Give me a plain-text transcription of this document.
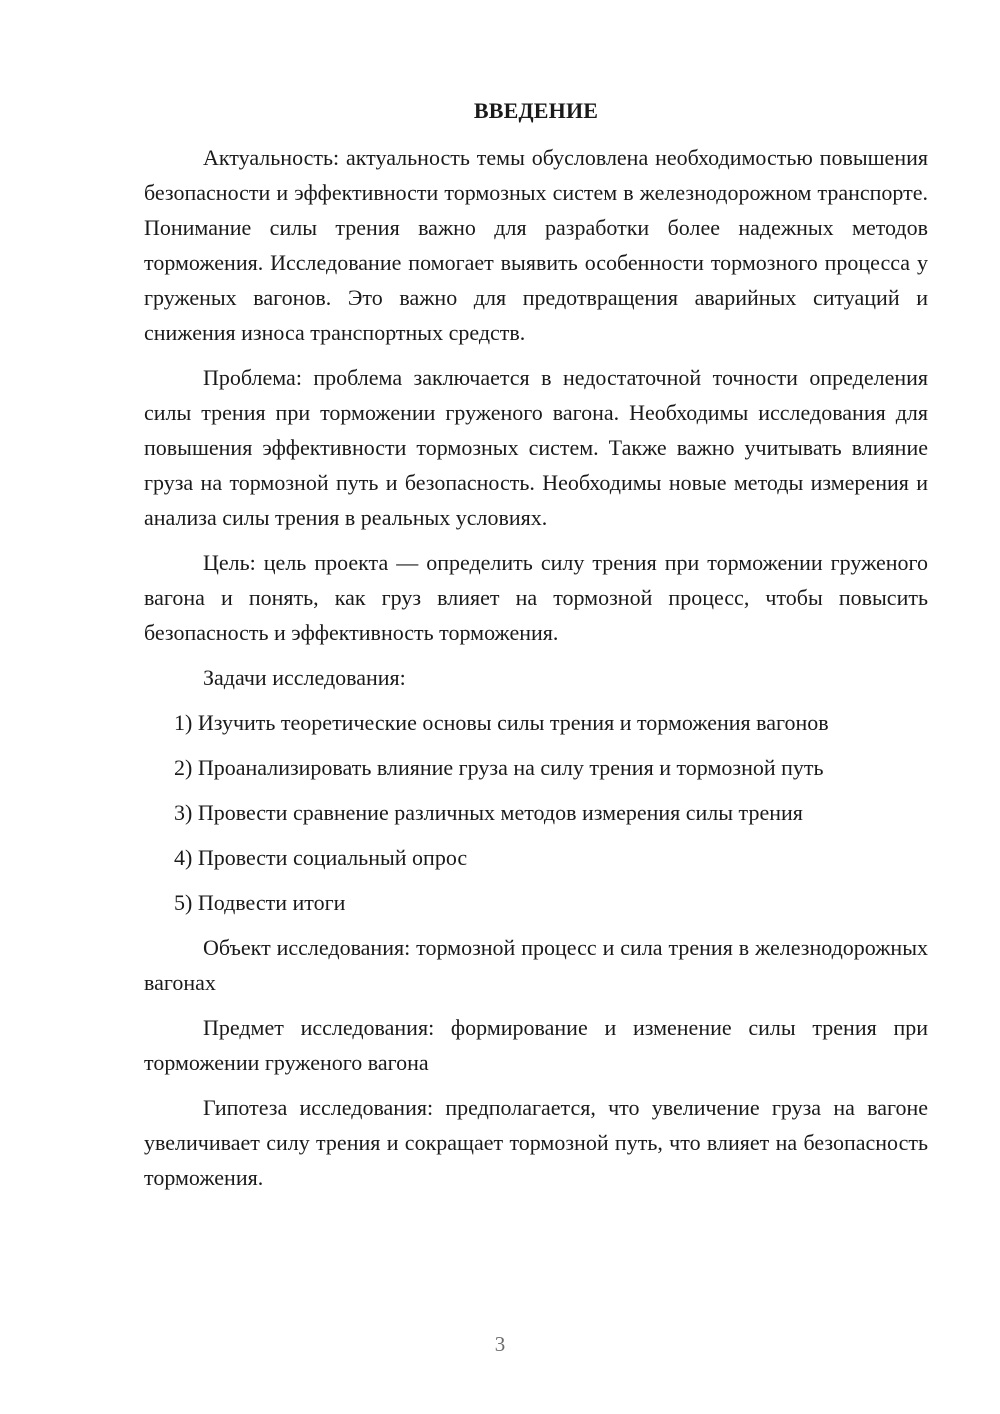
ВВЕДЕНИЕ

Актуальность: актуальность темы обусловлена необходимостью повышения безопасности и эффективности тормозных систем в железнодорожном транспорте. Понимание силы трения важно для разработки более надежных методов торможения. Исследование помогает выявить особенности тормозного процесса у груженых вагонов. Это важно для предотвращения аварийных ситуаций и снижения износа транспортных средств.

Проблема: проблема заключается в недостаточной точности определения силы трения при торможении груженого вагона. Необходимы исследования для повышения эффективности тормозных систем. Также важно учитывать влияние груза на тормозной путь и безопасность. Необходимы новые методы измерения и анализа силы трения в реальных условиях.

Цель: цель проекта — определить силу трения при торможении груженого вагона и понять, как груз влияет на тормозной процесс, чтобы повысить безопасность и эффективность торможения.

Задачи исследования:

1) Изучить теоретические основы силы трения и торможения вагонов
2) Проанализировать влияние груза на силу трения и тормозной путь
3) Провести сравнение различных методов измерения силы трения
4) Провести социальный опрос
5) Подвести итоги

Объект исследования: тормозной процесс и сила трения в железнодорожных вагонах

Предмет исследования: формирование и изменение силы трения при торможении груженого вагона

Гипотеза исследования: предполагается, что увеличение груза на вагоне увеличивает силу трения и сокращает тормозной путь, что влияет на безопасность торможения.

3
